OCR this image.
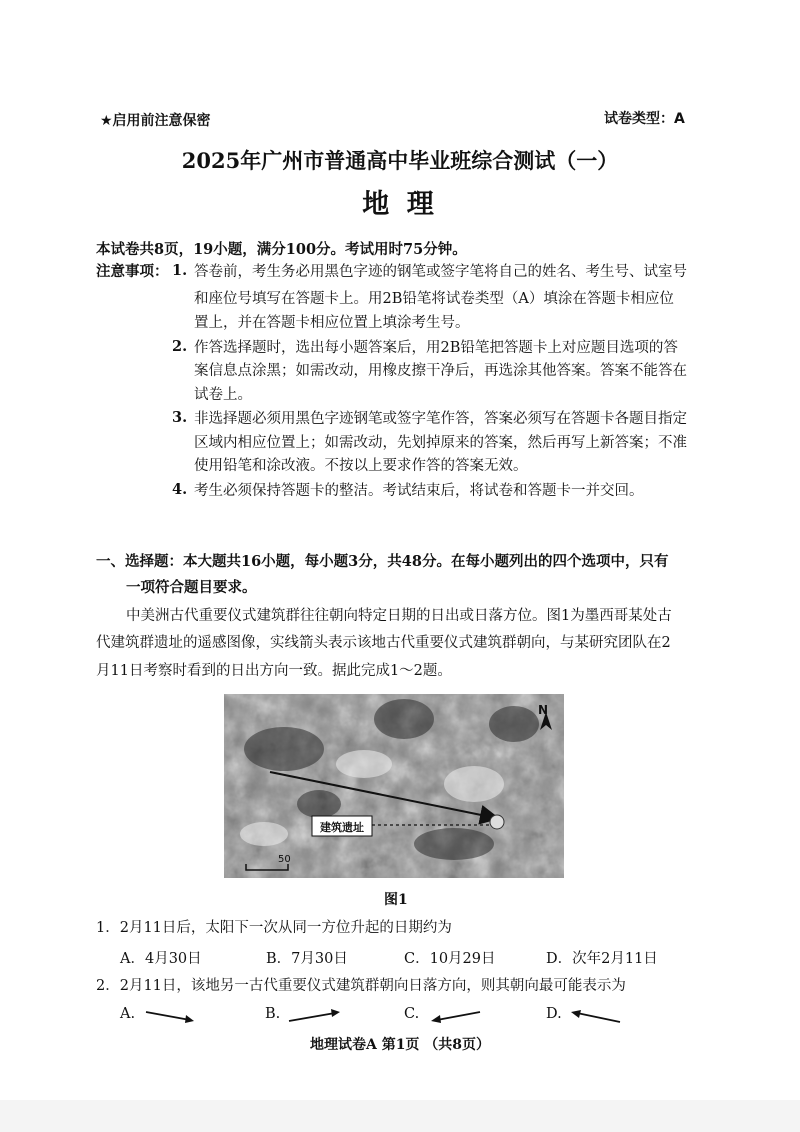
★启用前注意保密	试卷类型：A
2025年广州市普通高中毕业班综合测试（一）
地 理
本试卷共8页，19小题，满分100分。考试用时75分钟。
注意事项： 1. 答卷前，考生务必用黑色字迹的钢笔或签字笔将自己的姓名、考生号、试室号
和座位号填写在答题卡上。用2B铅笔将试卷类型（A）填涂在答题卡相应位
置上，并在答题卡相应位置上填涂考生号。
2. 作答选择题时，选出每小题答案后，用2B铅笔把答题卡上对应题目选项的答
案信息点涂黑；如需改动，用橡皮擦干净后，再选涂其他答案。答案不能答在
试卷上。
3. 非选择题必须用黑色字迹钢笔或签字笔作答，答案必须写在答题卡各题目指定
区域内相应位置上；如需改动，先划掉原来的答案，然后再写上新答案；不准
使用铅笔和涂改液。不按以上要求作答的答案无效。
4. 考生必须保持答题卡的整洁。考试结束后，将试卷和答题卡一并交回。
一、选择题：本大题共16小题，每小题3分，共48分。在每小题列出的四个选项中，只有
一项符合题目要求。
中美洲古代重要仪式建筑群往往朝向特定日期的日出或日落方位。图1为墨西哥某处古
代建筑群遗址的遥感图像，实线箭头表示该地古代重要仪式建筑群朝向，与某研究团队在2
月11日考察时看到的日出方向一致。据此完成1～2题。
建筑遗址
N
50
图1
1．2月11日后，太阳下一次从同一方位升起的日期约为
A．4月30日	B．7月30日	C．10月29日	D．次年2月11日
2．2月11日，该地另一古代重要仪式建筑群朝向日落方向，则其朝向最可能表示为
A.	B.	C.	D.
地理试卷A 第1页 （共8页）
